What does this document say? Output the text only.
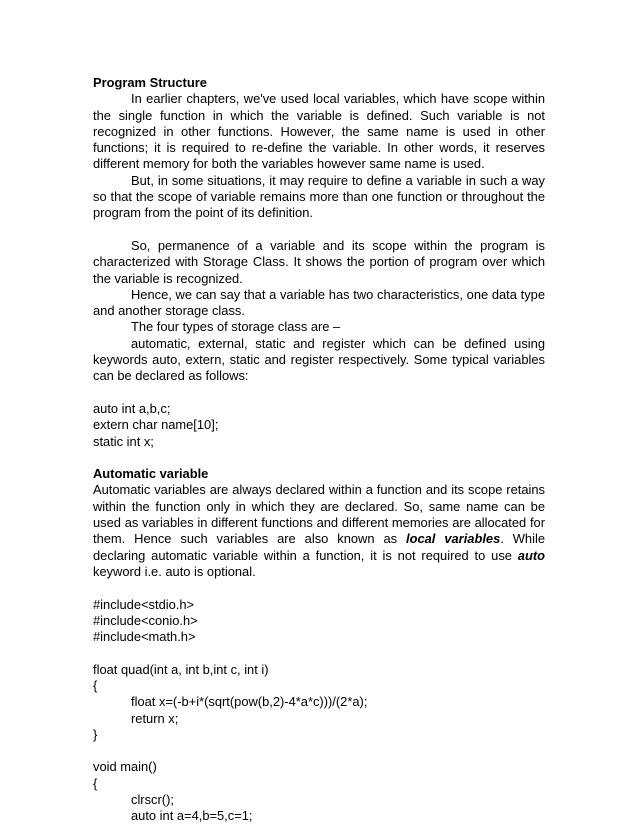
Program Structure

In earlier chapters, we've used local variables, which have scope within the single function in which the variable is defined. Such variable is not recognized in other functions. However, the same name is used in other functions; it is required to re-define the variable. In other words, it reserves different memory for both the variables however same name is used.

But, in some situations, it may require to define a variable in such a way so that the scope of variable remains more than one function or throughout the program from the point of its definition.

So, permanence of a variable and its scope within the program is characterized with Storage Class. It shows the portion of program over which the variable is recognized.

Hence, we can say that a variable has two characteristics, one data type and another storage class.

The four types of storage class are –

automatic, external, static and register which can be defined using keywords auto, extern, static and register respectively. Some typical variables can be declared as follows:

auto int a,b,c;
extern char name[10];
static int x;
Automatic variable

Automatic variables are always declared within a function and its scope retains within the function only in which they are declared. So, same name can be used as variables in different functions and different memories are allocated for them. Hence such variables are also known as local variables. While declaring automatic variable within a function, it is not required to use auto keyword i.e. auto is optional.

#include<stdio.h>
#include<conio.h>
#include<math.h>
float quad(int a, int b,int c, int i)
{
float x=(-b+i*(sqrt(pow(b,2)-4*a*c)))/(2*a);
return x;
}
void main()
{
clrscr();
auto int a=4,b=5,c=1;
